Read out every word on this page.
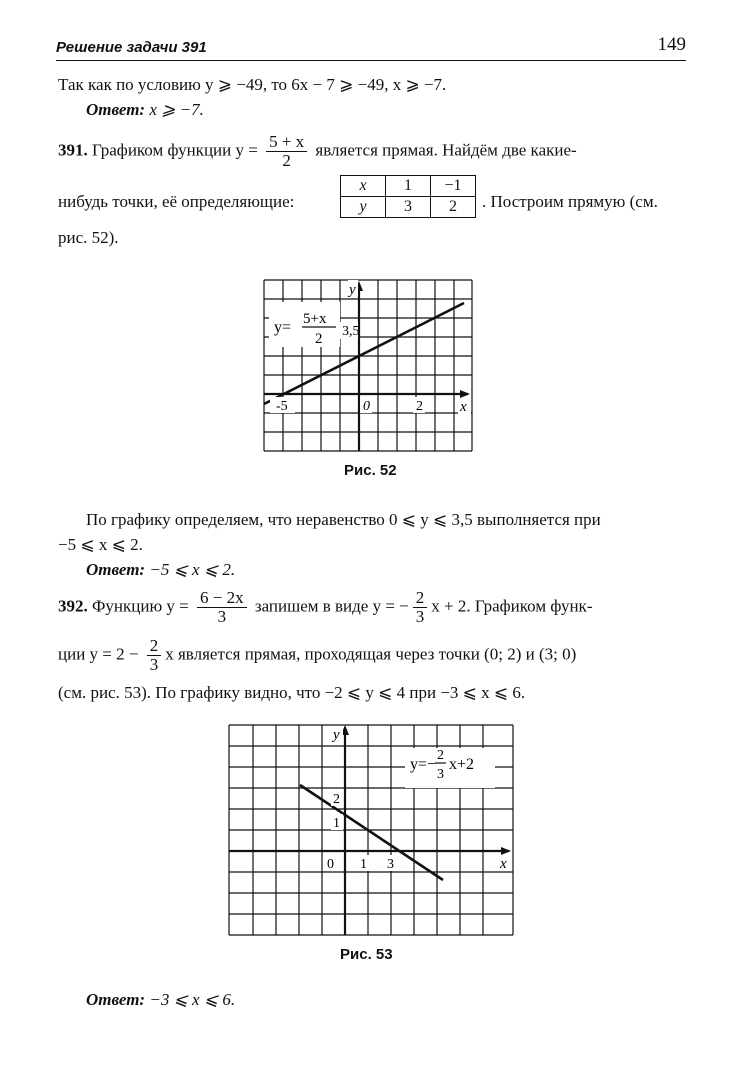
Решение задачи 391	149
Так как по условию y ⩾ −49, то 6x − 7 ⩾ −49, x ⩾ −7.
Ответ: x ⩾ −7.
391. Графиком функции $y = \frac{5 + x}{2}$ является прямая. Найдём две какие-
нибудь точки, её определяющие:
x	1	−1
y	3	2 . Построим прямую (см.
рис. 52).
y
x
y= 5+x
2 3,5
-5	0	2
Рис. 52
По графику определяем, что неравенство 0 ⩽ y ⩽ 3,5 выполняется при
−5 ⩽ x ⩽ 2.
Ответ: −5 ⩽ x ⩽ 2.
392. Функцию $y = \frac{6 - 2x}{3}$ запишем в виде y = − $\frac{2}{3}$ x + 2. Графиком функ-
ции $y = 2 - \frac{2}{3}$ x является прямая, проходящая через точки (0; 2) и (3; 0)
(см. рис. 53). По графику видно, что −2 ⩽ y ⩽ 4 при −3 ⩽ x ⩽ 6.
y
x
y=−
2
3
x+2
0 1 3
2
1
Рис. 53
Ответ: −3 ⩽ x ⩽ 6.
